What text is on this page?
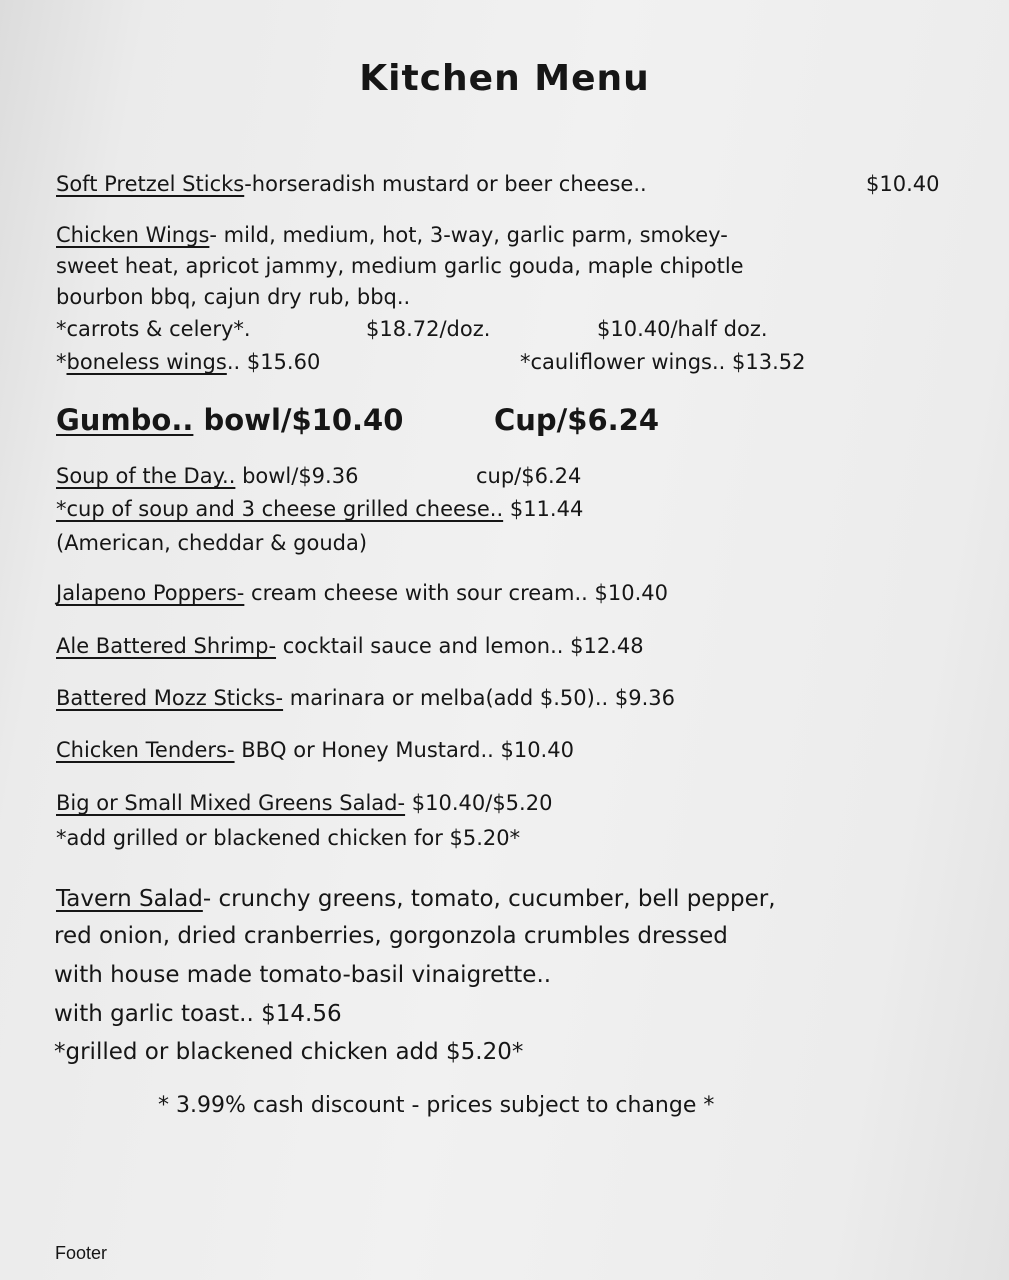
Kitchen Menu
Soft Pretzel Sticks-horseradish mustard or beer cheese..	$10.40
Chicken Wings- mild, medium, hot, 3-way, garlic parm, smokey-
sweet heat, apricot jammy, medium garlic gouda, maple chipotle
bourbon bbq, cajun dry rub, bbq..
*carrots & celery*.	$18.72/doz.	$10.40/half doz.
*boneless wings.. $15.60	*cauliflower wings.. $13.52
Gumbo.. bowl/$10.40	Cup/$6.24
Soup of the Day.. bowl/$9.36	cup/$6.24
*cup of soup and 3 cheese grilled cheese.. $11.44
(American, cheddar & gouda)
Jalapeno Poppers- cream cheese with sour cream.. $10.40
Ale Battered Shrimp- cocktail sauce and lemon.. $12.48
Battered Mozz Sticks- marinara or melba(add $.50).. $9.36
Chicken Tenders- BBQ or Honey Mustard.. $10.40
Big or Small Mixed Greens Salad- $10.40/$5.20
*add grilled or blackened chicken for $5.20*
Tavern Salad- crunchy greens, tomato, cucumber, bell pepper,
red onion, dried cranberries, gorgonzola crumbles dressed
with house made tomato-basil vinaigrette..
with garlic toast.. $14.56
*grilled or blackened chicken add $5.20*
* 3.99% cash discount - prices subject to change *
Footer
